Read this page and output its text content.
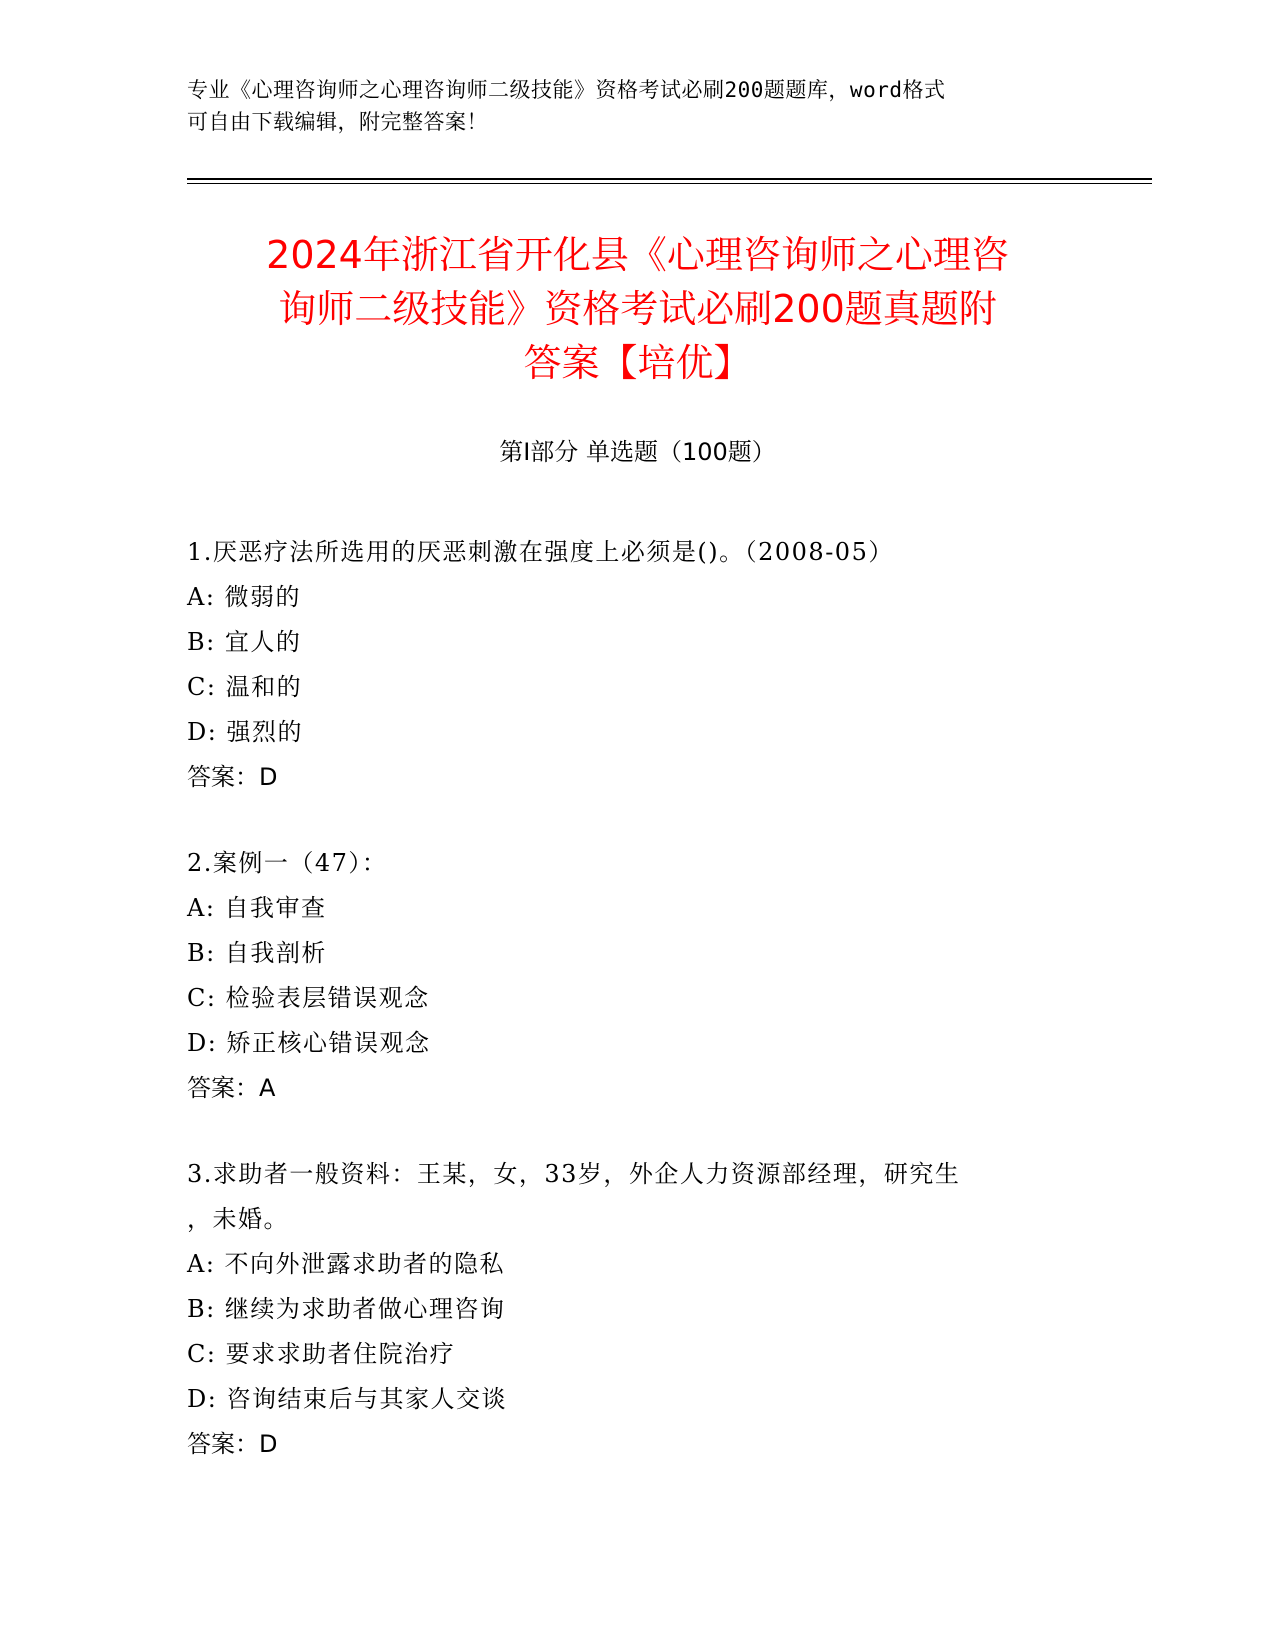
专业《心理咨询师之心理咨询师二级技能》资格考试必刷200题题库，word格式
可自由下载编辑，附完整答案！
2024年浙江省开化县《心理咨询师之心理咨
询师二级技能》资格考试必刷200题真题附
答案【培优】
第Ⅰ部分 单选题（100题）
1.厌恶疗法所选用的厌恶刺激在强度上必须是()。（2008-05）
A: 微弱的
B: 宜人的
C: 温和的
D: 强烈的
答案：D
2.案例一（47）：
A: 自我审查
B: 自我剖析
C: 检验表层错误观念
D: 矫正核心错误观念
答案：A
3.求助者一般资料：王某，女，33岁，外企人力资源部经理，研究生
，未婚。
A: 不向外泄露求助者的隐私
B: 继续为求助者做心理咨询
C: 要求求助者住院治疗
D: 咨询结束后与其家人交谈
答案：D
